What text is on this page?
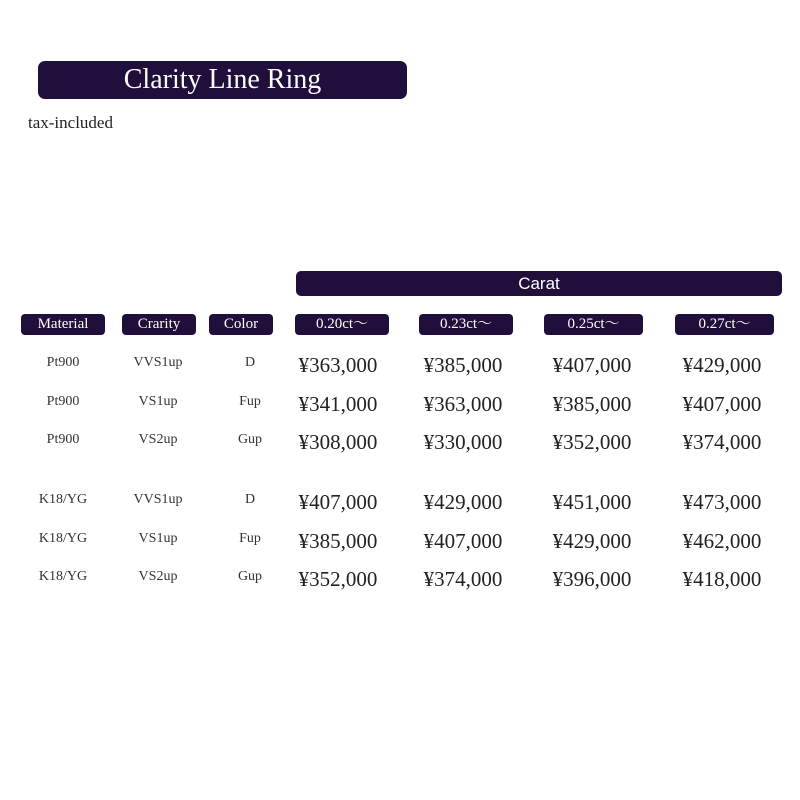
Clarity Line Ring
tax-included
Carat
Material	Crarity	Color	0.20ct〜	0.23ct〜	0.25ct〜	0.27ct〜
Pt900	VVS1up	D	¥363,000	¥385,000	¥407,000	¥429,000
Pt900	VS1up	Fup	¥341,000	¥363,000	¥385,000	¥407,000
Pt900	VS2up	Gup	¥308,000	¥330,000	¥352,000	¥374,000
K18/YG	VVS1up	D	¥407,000	¥429,000	¥451,000	¥473,000
K18/YG	VS1up	Fup	¥385,000	¥407,000	¥429,000	¥462,000
K18/YG	VS2up	Gup	¥352,000	¥374,000	¥396,000	¥418,000
